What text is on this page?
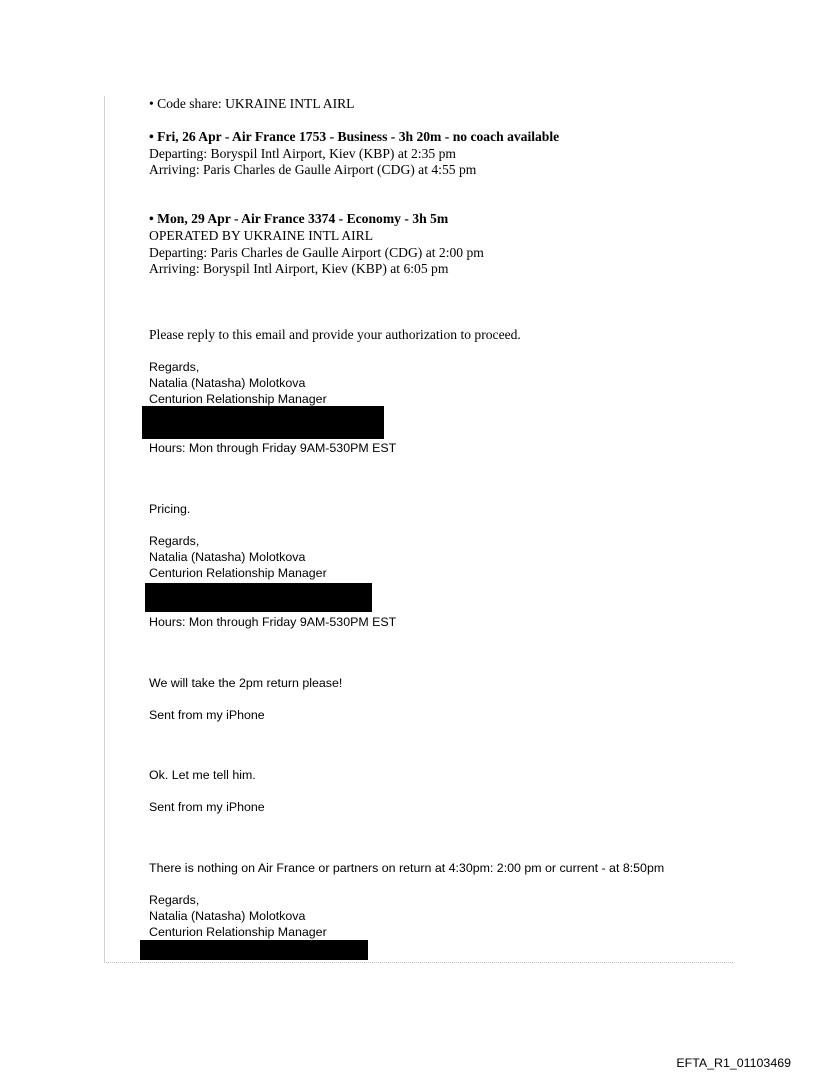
• Code share: UKRAINE INTL AIRL
• Fri, 26 Apr - Air France 1753 - Business - 3h 20m - no coach available
Departing: Boryspil Intl Airport, Kiev (KBP) at 2:35 pm
Arriving: Paris Charles de Gaulle Airport (CDG) at 4:55 pm
• Mon, 29 Apr - Air France 3374 - Economy - 3h 5m
OPERATED BY UKRAINE INTL AIRL
Departing: Paris Charles de Gaulle Airport (CDG) at 2:00 pm
Arriving: Boryspil Intl Airport, Kiev (KBP) at 6:05 pm
Please reply to this email and provide your authorization to proceed.
Regards,
Natalia (Natasha) Molotkova
Centurion Relationship Manager
Hours: Mon through Friday 9AM-530PM EST
Pricing.
Regards,
Natalia (Natasha) Molotkova
Centurion Relationship Manager
Hours: Mon through Friday 9AM-530PM EST
We will take the 2pm return please!
Sent from my iPhone
Ok. Let me tell him.
Sent from my iPhone
There is nothing on Air France or partners on return at 4:30pm: 2:00 pm or current - at 8:50pm
Regards,
Natalia (Natasha) Molotkova
Centurion Relationship Manager
EFTA_R1_01103469
